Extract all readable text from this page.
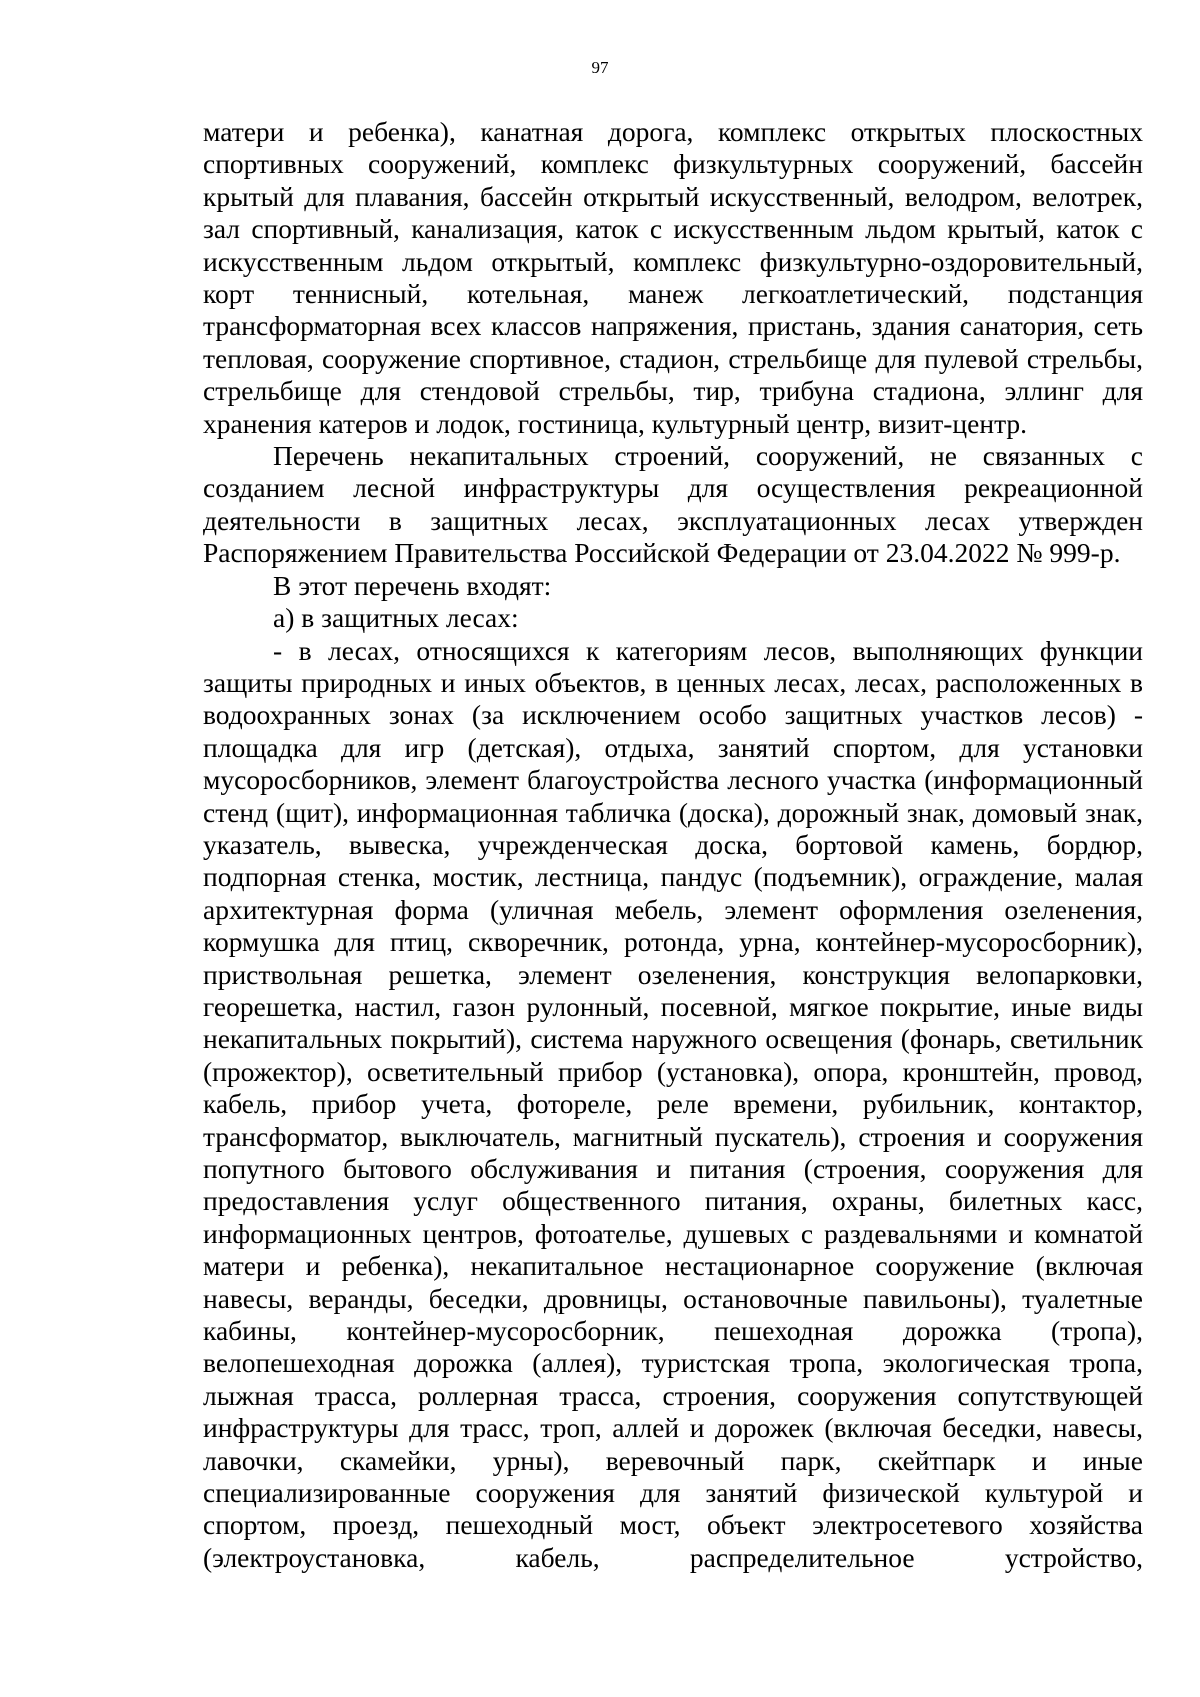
97

матери и ребенка), канатная дорога, комплекс открытых плоскостных спортивных сооружений, комплекс физкультурных сооружений, бассейн крытый для плавания, бассейн открытый искусственный, велодром, велотрек, зал спортивный, канализация, каток с искусственным льдом крытый, каток с искусственным льдом открытый, комплекс физкультурно-оздоровительный, корт теннисный, котельная, манеж легкоатлетический, подстанция трансформаторная всех классов напряжения, пристань, здания санатория, сеть тепловая, сооружение спортивное, стадион, стрельбище для пулевой стрельбы, стрельбище для стендовой стрельбы, тир, трибуна стадиона, эллинг для хранения катеров и лодок, гостиница, культурный центр, визит-центр.

Перечень некапитальных строений, сооружений, не связанных с созданием лесной инфраструктуры для осуществления рекреационной деятельности в защитных лесах, эксплуатационных лесах утвержден Распоряжением Правительства Российской Федерации от 23.04.2022 № 999-р.

В этот перечень входят:

а) в защитных лесах:

- в лесах, относящихся к категориям лесов, выполняющих функции защиты природных и иных объектов, в ценных лесах, лесах, расположенных в водоохранных зонах (за исключением особо защитных участков лесов) - площадка для игр (детская), отдыха, занятий спортом, для установки мусоросборников, элемент благоустройства лесного участка (информационный стенд (щит), информационная табличка (доска), дорожный знак, домовый знак, указатель, вывеска, учрежденческая доска, бортовой камень, бордюр, подпорная стенка, мостик, лестница, пандус (подъемник), ограждение, малая архитектурная форма (уличная мебель, элемент оформления озеленения, кормушка для птиц, скворечник, ротонда, урна, контейнер-мусоросборник), приствольная решетка, элемент озеленения, конструкция велопарковки, георешетка, настил, газон рулонный, посевной, мягкое покрытие, иные виды некапитальных покрытий), система наружного освещения (фонарь, светильник (прожектор), осветительный прибор (установка), опора, кронштейн, провод, кабель, прибор учета, фотореле, реле времени, рубильник, контактор, трансформатор, выключатель, магнитный пускатель), строения и сооружения попутного бытового обслуживания и питания (строения, сооружения для предоставления услуг общественного питания, охраны, билетных касс, информационных центров, фотоателье, душевых с раздевальнями и комнатой матери и ребенка), некапитальное нестационарное сооружение (включая навесы, веранды, беседки, дровницы, остановочные павильоны), туалетные кабины, контейнер-мусоросборник, пешеходная дорожка (тропа), велопешеходная дорожка (аллея), туристская тропа, экологическая тропа, лыжная трасса, роллерная трасса, строения, сооружения сопутствующей инфраструктуры для трасс, троп, аллей и дорожек (включая беседки, навесы, лавочки, скамейки, урны), веревочный парк, скейтпарк и иные специализированные сооружения для занятий физической культурой и спортом, проезд, пешеходный мост, объект электросетевого хозяйства (электроустановка, кабель, распределительное устройство,
